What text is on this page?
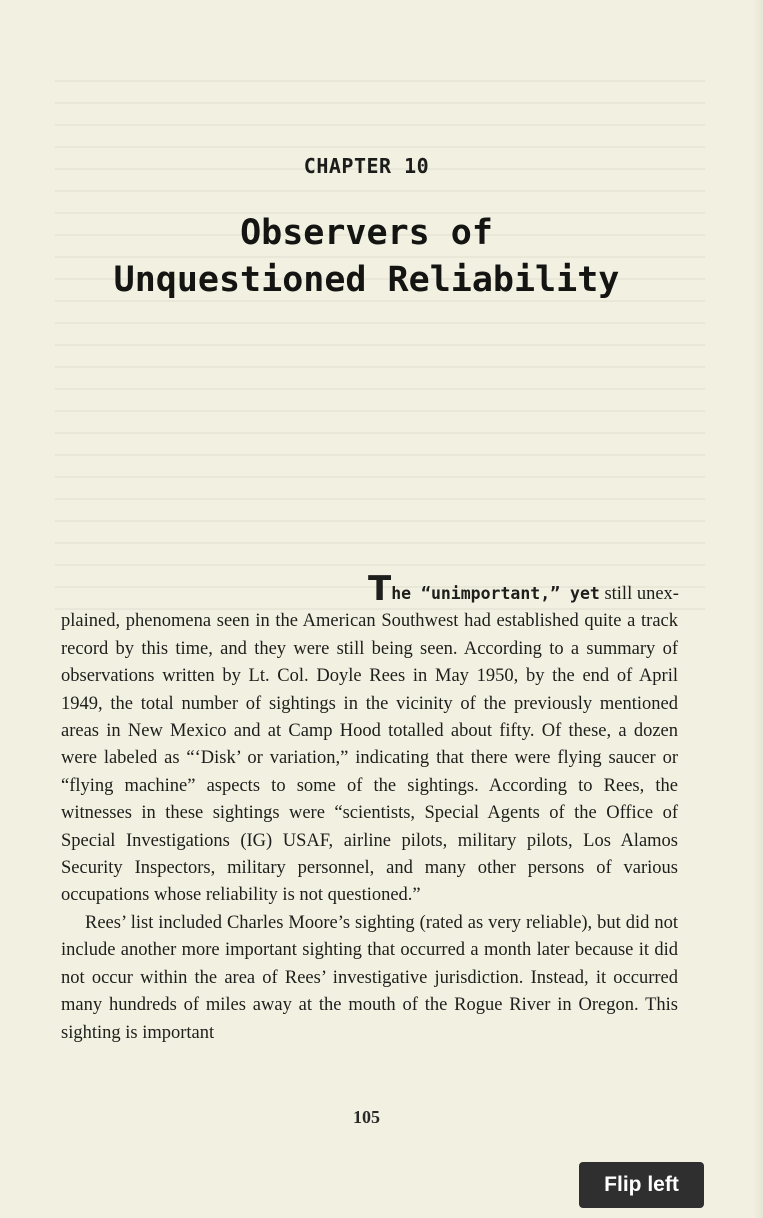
CHAPTER 10
Observers of
Unquestioned Reliability
The “unimportant,” yet still unex-

plained, phenomena seen in the American Southwest had established quite a track record by this time, and they were still being seen. According to a summary of observations written by Lt. Col. Doyle Rees in May 1950, by the end of April 1949, the total number of sightings in the vicinity of the previously mentioned areas in New Mexico and at Camp Hood totalled about fifty. Of these, a dozen were labeled as “‘Disk’ or variation,” indicating that there were flying saucer or “flying machine” aspects to some of the sightings. According to Rees, the witnesses in these sightings were “scientists, Special Agents of the Office of Special Investigations (IG) USAF, airline pilots, military pilots, Los Alamos Security Inspectors, military personnel, and many other persons of various occupations whose reliability is not questioned.”

Rees’ list included Charles Moore’s sighting (rated as very reliable), but did not include another more important sighting that occurred a month later because it did not occur within the area of Rees’ investigative jurisdiction. Instead, it occurred many hundreds of miles away at the mouth of the Rogue River in Oregon. This sighting is important

105
Flip left
